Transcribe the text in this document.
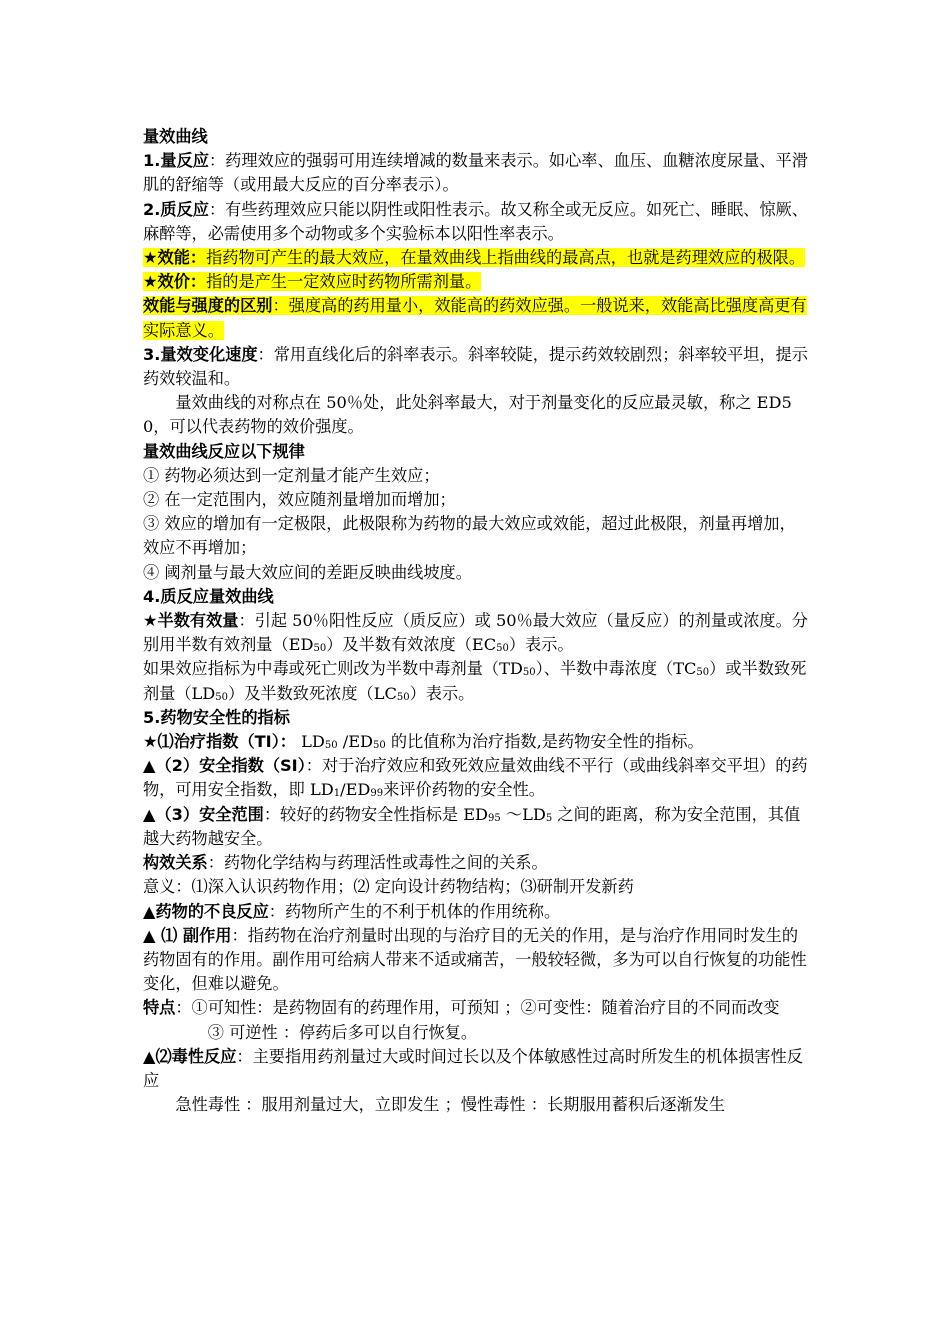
量效曲线

1.量反应：药理效应的强弱可用连续增减的数量来表示。如心率、血压、血糖浓度尿量、平滑肌的舒缩等（或用最大反应的百分率表示）。

2.质反应：有些药理效应只能以阴性或阳性表示。故又称全或无反应。如死亡、睡眠、惊厥、麻醉等，必需使用多个动物或多个实验标本以阳性率表示。

★效能：指药物可产生的最大效应，在量效曲线上指曲线的最高点，也就是药理效应的极限。

★效价：指的是产生一定效应时药物所需剂量。

效能与强度的区别：强度高的药用量小，效能高的药效应强。一般说来，效能高比强度高更有实际意义。

3.量效变化速度：常用直线化后的斜率表示。斜率较陡，提示药效较剧烈；斜率较平坦，提示药效较温和。

量效曲线的对称点在 50％处，此处斜率最大，对于剂量变化的反应最灵敏，称之 ED50，可以代表药物的效价强度。

量效曲线反应以下规律

① 药物必须达到一定剂量才能产生效应；

② 在一定范围内，效应随剂量增加而增加；

③ 效应的增加有一定极限，此极限称为药物的最大效应或效能，超过此极限，剂量再增加，效应不再增加；

④ 阈剂量与最大效应间的差距反映曲线坡度。

4.质反应量效曲线

★半数有效量：引起 50％阳性反应（质反应）或 50％最大效应（量反应）的剂量或浓度。分别用半数有效剂量$(ED_{50})$及半数有效浓度$(EC_{50})$表示。

如果效应指标为中毒或死亡则改为半数中毒剂量$(TD_{50})$、半数中毒浓度$(TC_{50})$或半数致死剂量$(LD_{50})$及半数致死浓度$(LC_{50})$表示。

5.药物安全性的指标

★⑴治疗指数（TI）： $LD_{50}$ $/ED_{50}$ 的比值称为治疗指数,是药物安全性的指标。

▲（2）安全指数（SI）：对于治疗效应和致死效应量效曲线不平行（或曲线斜率交平坦）的药物，可用安全指数，即 $LD_1/ED_{99}$来评价药物的安全性。

▲（3）安全范围：较好的药物安全性指标是 $ED_{95}$ $\sim LD_5$ 之间的距离，称为安全范围，其值越大药物越安全。

构效关系：药物化学结构与药理活性或毒性之间的关系。

意义：⑴深入认识药物作用；⑵ 定向设计药物结构；⑶研制开发新药

▲药物的不良反应：药物所产生的不利于机体的作用统称。

▲ ⑴ 副作用：指药物在治疗剂量时出现的与治疗目的无关的作用，是与治疗作用同时发生的药物固有的作用。副作用可给病人带来不适或痛苦，一般较轻微，多为可以自行恢复的功能性变化，但难以避免。

特点：①可知性：是药物固有的药理作用，可预知 ；②可变性：随着治疗目的不同而改变

③ 可逆性 ：停药后多可以自行恢复。

▲⑵毒性反应：主要指用药剂量过大或时间过长以及个体敏感性过高时所发生的机体损害性反应

急性毒性 ：服用剂量过大，立即发生 ；慢性毒性 ：长期服用蓄积后逐渐发生
